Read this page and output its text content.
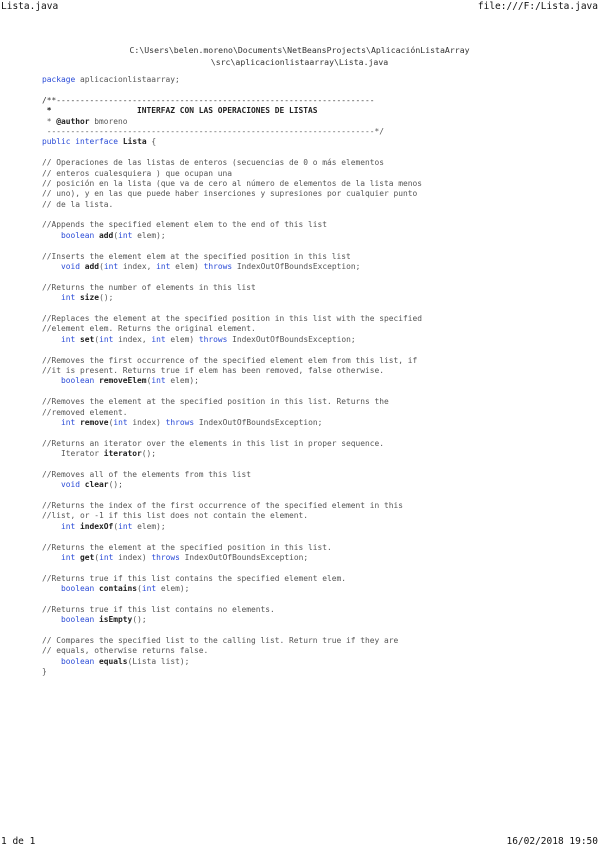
Lista.java	file:///F:/Lista.java
C:\Users\belen.moreno\Documents\NetBeansProjects\AplicaciónListaArray
\src\aplicacionlistaarray\Lista.java
package aplicacionlistaarray;

/**-------------------------------------------------------------------
*                  INTERFAZ CON LAS OPERACIONES DE LISTAS
* @author bmoreno
---------------------------------------------------------------------*/
public interface Lista {

// Operaciones de las listas de enteros (secuencias de 0 o más elementos
// enteros cualesquiera ) que ocupan una
// posición en la lista (que va de cero al número de elementos de la lista menos
// uno), y en las que puede haber inserciones y supresiones por cualquier punto
// de la lista.

//Appends the specified element elem to the end of this list
boolean add(int elem);

//Inserts the element elem at the specified position in this list
void add(int index, int elem) throws IndexOutOfBoundsException;

//Returns the number of elements in this list
int size();

//Replaces the element at the specified position in this list with the specified
//element elem. Returns the original element.
int set(int index, int elem) throws IndexOutOfBoundsException;

//Removes the first occurrence of the specified element elem from this list, if
//it is present. Returns true if elem has been removed, false otherwise.
boolean removeElem(int elem);

//Removes the element at the specified position in this list. Returns the
//removed element.
int remove(int index) throws IndexOutOfBoundsException;

//Returns an iterator over the elements in this list in proper sequence.
Iterator iterator();

//Removes all of the elements from this list
void clear();

//Returns the index of the first occurrence of the specified element in this
//list, or -1 if this list does not contain the element.
int indexOf(int elem);

//Returns the element at the specified position in this list.
int get(int index) throws IndexOutOfBoundsException;

//Returns true if this list contains the specified element elem.
boolean contains(int elem);

//Returns true if this list contains no elements.
boolean isEmpty();

// Compares the specified list to the calling list. Return true if they are
// equals, otherwise returns false.
boolean equals(Lista list);
}
1 de 1	16/02/2018 19:50
